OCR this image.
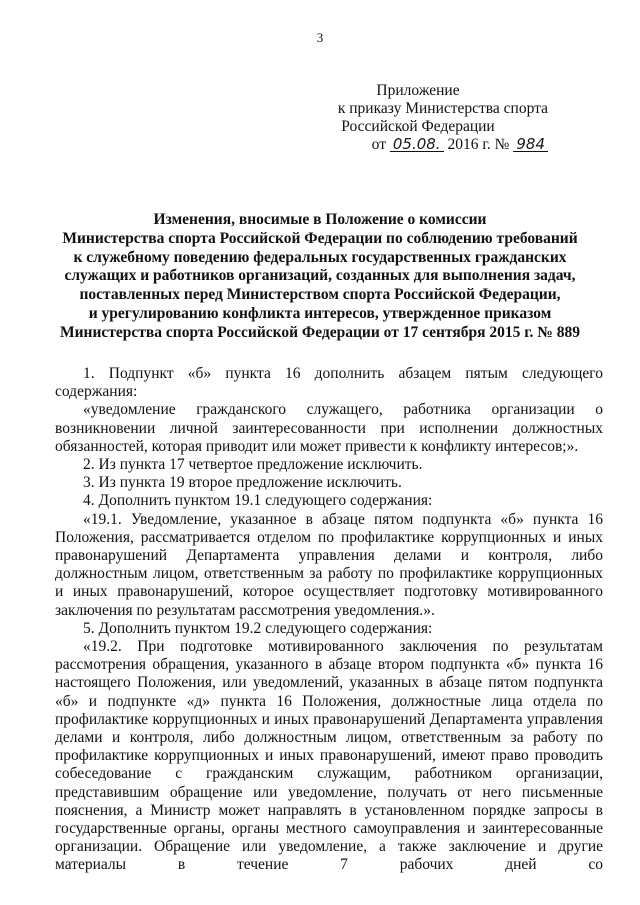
3
Приложение
к приказу Министерства спорта
Российской Федерации
от 05.08. 2016 г. № 984
Изменения, вносимые в Положение о комиссии
Министерства спорта Российской Федерации по соблюдению требований
к служебному поведению федеральных государственных гражданских
служащих и работников организаций, созданных для выполнения задач,
поставленных перед Министерством спорта Российской Федерации,
и урегулированию конфликта интересов, утвержденное приказом
Министерства спорта Российской Федерации от 17 сентября 2015 г. № 889

1. Подпункт «б» пункта 16 дополнить абзацем пятым следующего содержания:

«уведомление гражданского служащего, работника организации о возникновении личной заинтересованности при исполнении должностных обязанностей, которая приводит или может привести к конфликту интересов;».

2. Из пункта 17 четвертое предложение исключить.

3. Из пункта 19 второе предложение исключить.

4. Дополнить пунктом 19.1 следующего содержания:

«19.1. Уведомление, указанное в абзаце пятом подпункта «б» пункта 16 Положения, рассматривается отделом по профилактике коррупционных и иных правонарушений Департамента управления делами и контроля, либо должностным лицом, ответственным за работу по профилактике коррупционных и иных правонарушений, которое осуществляет подготовку мотивированного заключения по результатам рассмотрения уведомления.».

5. Дополнить пунктом 19.2 следующего содержания:

«19.2. При подготовке мотивированного заключения по результатам рассмотрения обращения, указанного в абзаце втором подпункта «б» пункта 16 настоящего Положения, или уведомлений, указанных в абзаце пятом подпункта «б» и подпункте «д» пункта 16 Положения, должностные лица отдела по профилактике коррупционных и иных правонарушений Департамента управления делами и контроля, либо должностным лицом, ответственным за работу по профилактике коррупционных и иных правонарушений, имеют право проводить собеседование с гражданским служащим, работником организации, представившим обращение или уведомление, получать от него письменные пояснения, а Министр может направлять в установленном порядке запросы в государственные органы, органы местного самоуправления и заинтересованные организации. Обращение или уведомление, а также заключение и другие материалы в течение 7 рабочих дней со
